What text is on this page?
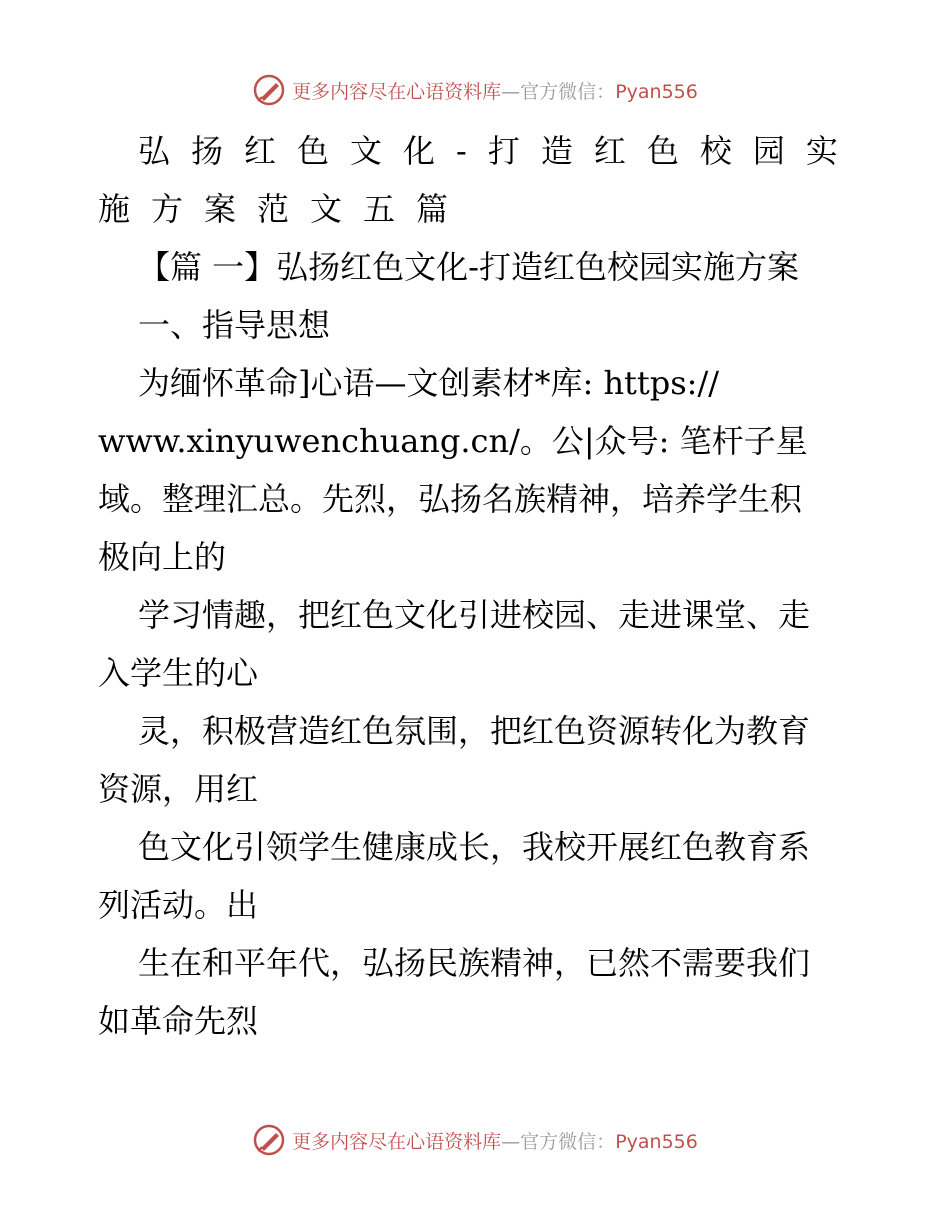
更多内容尽在心语资料库—官方微信：Pyan556
弘扬红色文化-打造红色校园实
施方案范文五篇
【篇 一】弘扬红色文化-打造红色校园实施方案
一、指导思想
为缅怀革命]心语—文创素材*库: https://
www.xinyuwenchuang.cn/。公|众号: 笔杆子星
域。整理汇总。先烈，弘扬名族精神，培养学生积
极向上的
学习情趣，把红色文化引进校园、走进课堂、走
入学生的心
灵，积极营造红色氛围，把红色资源转化为教育
资源，用红
色文化引领学生健康成长，我校开展红色教育系
列活动。出
生在和平年代，弘扬民族精神，已然不需要我们
如革命先烈
更多内容尽在心语资料库—官方微信：Pyan556
